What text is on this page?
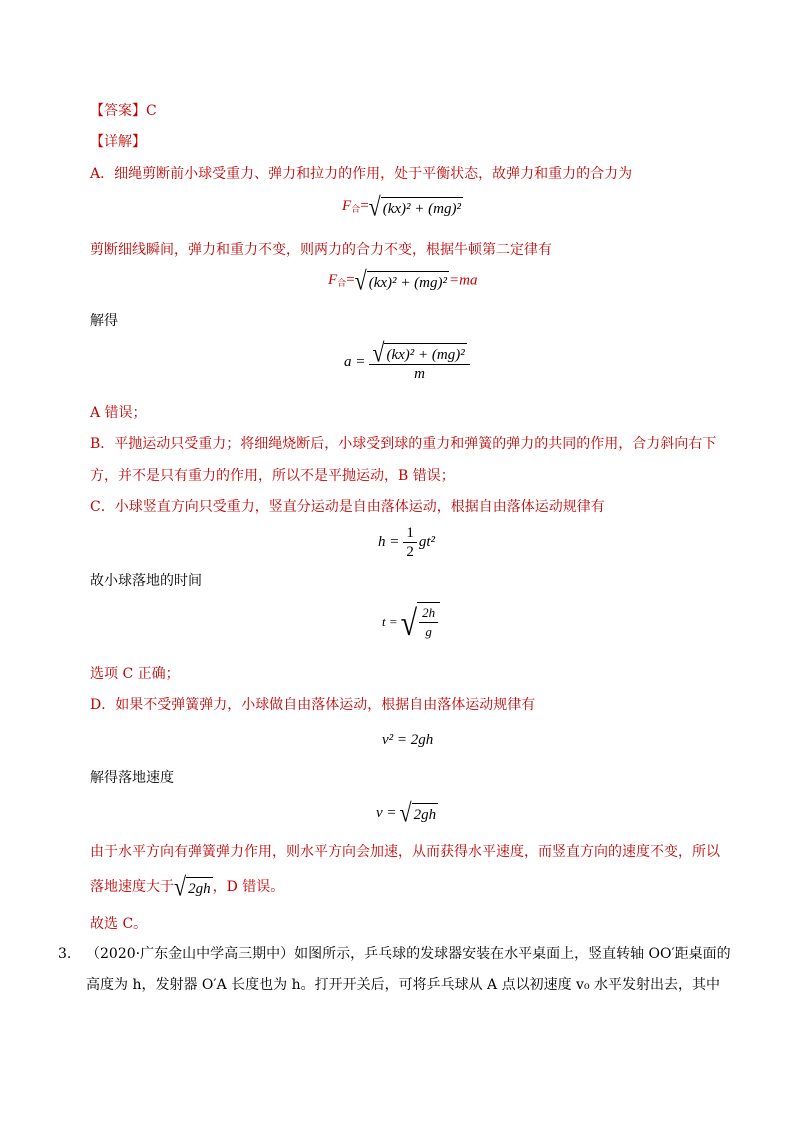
【答案】C
【详解】
A．细绳剪断前小球受重力、弹力和拉力的作用，处于平衡状态，故弹力和重力的合力为
$F_合=$ √ (kx)² + (mg)²
剪断细线瞬间，弹力和重力不变，则两力的合力不变，根据牛顿第二定律有
$F_合=$ √ (kx)² + (mg)² =ma
解得
$a = \frac{\text{√ (kx)² + (mg)²}}{m}$
A 错误；
B．平抛运动只受重力；将细绳烧断后，小球受到球的重力和弹簧的弹力的共同的作用，合力斜向右下
方，并不是只有重力的作用，所以不是平抛运动，B 错误；
C．小球竖直方向只受重力，竖直分运动是自由落体运动，根据自由落体运动规律有
$h = \frac{1}{2} gt^2$
故小球落地的时间
t = √ $\frac{2h}{g}$
选项 C 正确；
D．如果不受弹簧弹力，小球做自由落体运动，根据自由落体运动规律有
v² = 2gh
解得落地速度
v = √ 2gh
由于水平方向有弹簧弹力作用，则水平方向会加速，从而获得水平速度，而竖直方向的速度不变，所以
落地速度大于 √ 2gh ，D 错误。
故选 C。
3. （2020·广东金山中学高三期中）如图所示，乒乓球的发球器安装在水平桌面上，竖直转轴 OO′距桌面的
高度为 h，发射器 O′A 长度也为 h。打开开关后，可将乒乓球从 A 点以初速度 v₀ 水平发射出去，其中
